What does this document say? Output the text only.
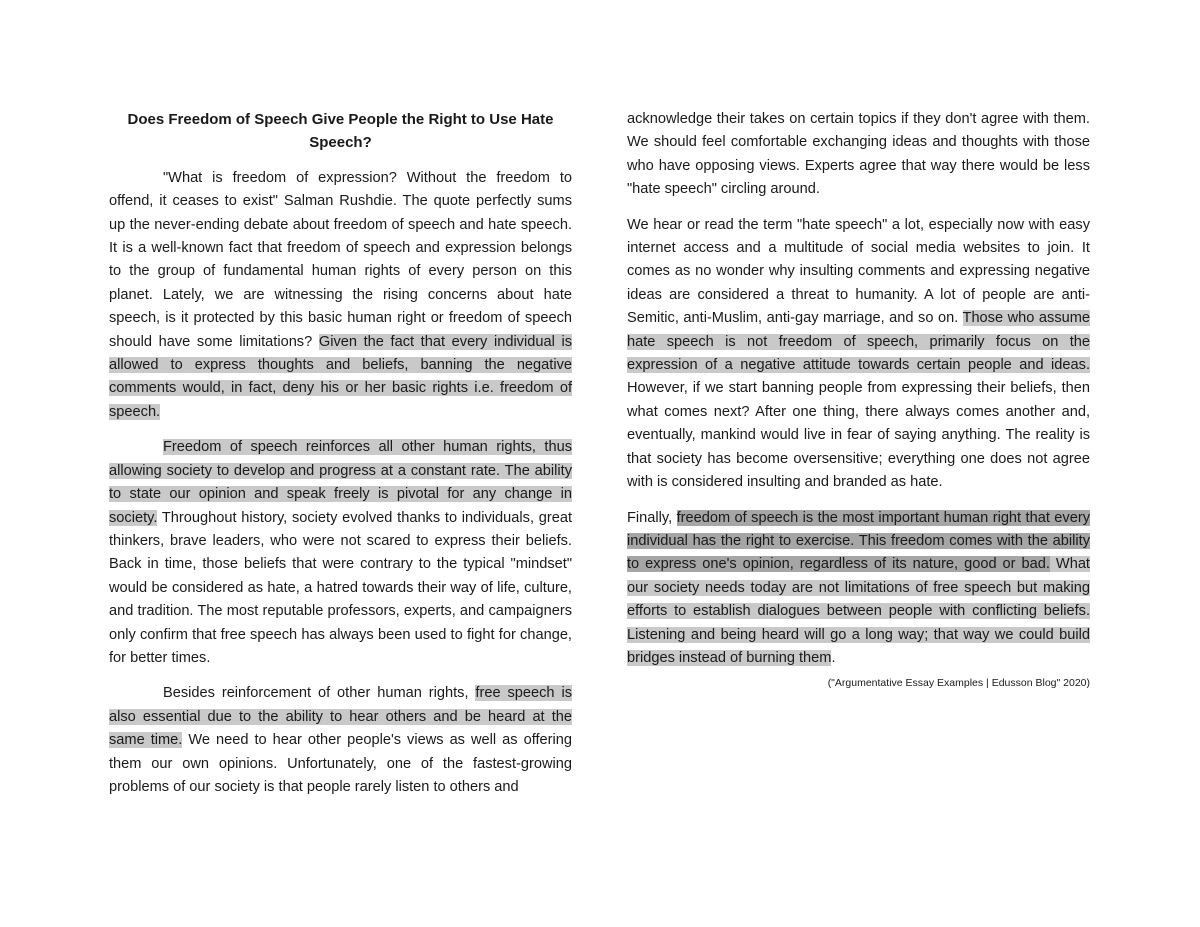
Does Freedom of Speech Give People the Right to Use Hate Speech?

"What is freedom of expression? Without the freedom to offend, it ceases to exist" Salman Rushdie. The quote perfectly sums up the never-ending debate about freedom of speech and hate speech. It is a well-known fact that freedom of speech and expression belongs to the group of fundamental human rights of every person on this planet. Lately, we are witnessing the rising concerns about hate speech, is it protected by this basic human right or freedom of speech should have some limitations? Given the fact that every individual is allowed to express thoughts and beliefs, banning the negative comments would, in fact, deny his or her basic rights i.e. freedom of speech.

Freedom of speech reinforces all other human rights, thus allowing society to develop and progress at a constant rate. The ability to state our opinion and speak freely is pivotal for any change in society. Throughout history, society evolved thanks to individuals, great thinkers, brave leaders, who were not scared to express their beliefs. Back in time, those beliefs that were contrary to the typical "mindset" would be considered as hate, a hatred towards their way of life, culture, and tradition. The most reputable professors, experts, and campaigners only confirm that free speech has always been used to fight for change, for better times.

Besides reinforcement of other human rights, free speech is also essential due to the ability to hear others and be heard at the same time. We need to hear other people's views as well as offering them our own opinions. Unfortunately, one of the fastest-growing problems of our society is that people rarely listen to others and

acknowledge their takes on certain topics if they don't agree with them. We should feel comfortable exchanging ideas and thoughts with those who have opposing views. Experts agree that way there would be less "hate speech" circling around.

We hear or read the term "hate speech" a lot, especially now with easy internet access and a multitude of social media websites to join. It comes as no wonder why insulting comments and expressing negative ideas are considered a threat to humanity. A lot of people are anti-Semitic, anti-Muslim, anti-gay marriage, and so on. Those who assume hate speech is not freedom of speech, primarily focus on the expression of a negative attitude towards certain people and ideas. However, if we start banning people from expressing their beliefs, then what comes next? After one thing, there always comes another and, eventually, mankind would live in fear of saying anything. The reality is that society has become oversensitive; everything one does not agree with is considered insulting and branded as hate.

Finally, freedom of speech is the most important human right that every individual has the right to exercise. This freedom comes with the ability to express one's opinion, regardless of its nature, good or bad. What our society needs today are not limitations of free speech but making efforts to establish dialogues between people with conflicting beliefs. Listening and being heard will go a long way; that way we could build bridges instead of burning them.

("Argumentative Essay Examples | Edusson Blog" 2020)
